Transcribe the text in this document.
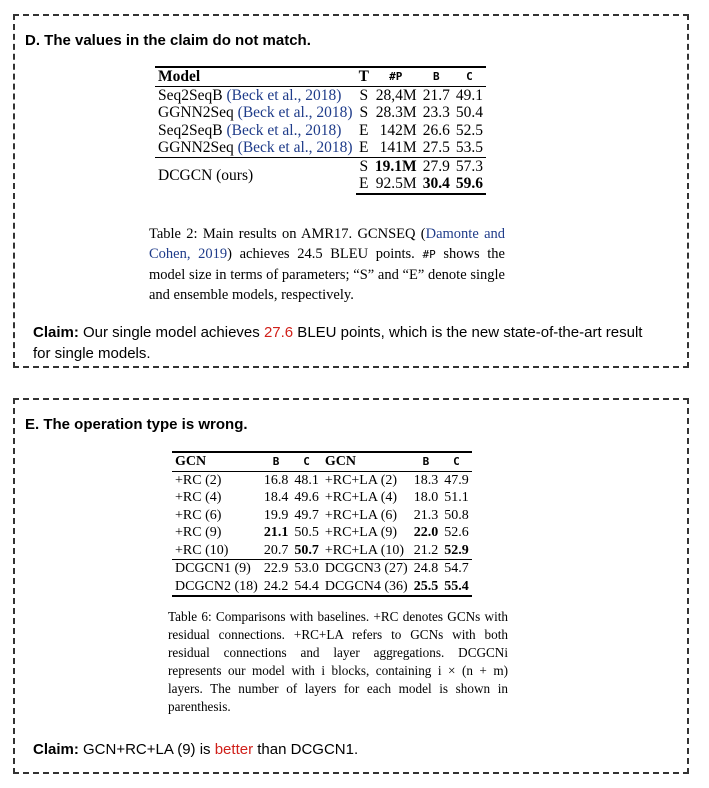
D. The values in the claim do not match.
Model	T	#P	B	C
Seq2SeqB (Beck et al., 2018)	S	28,4M	21.7	49.1
GGNN2Seq (Beck et al., 2018)	S	28.3M	23.3	50.4
Seq2SeqB (Beck et al., 2018)	E	142M	26.6	52.5
GGNN2Seq (Beck et al., 2018)	E	141M	27.5	53.5
DCGCN (ours)	S	19.1M	27.9	57.3
	E	92.5M	30.4	59.6
Table 2: Main results on AMR17. GCNSEQ (Damonte and Cohen, 2019) achieves 24.5 BLEU points. #P shows the model size in terms of parameters; “S” and “E” denote single and ensemble models, respectively.
Claim: Our single model achieves 27.6 BLEU points, which is the new state-of-the-art result for single models.
E. The operation type is wrong.
GCN	B	C	GCN	B	C
+RC (2)	16.8	48.1	+RC+LA (2)	18.3	47.9
+RC (4)	18.4	49.6	+RC+LA (4)	18.0	51.1
+RC (6)	19.9	49.7	+RC+LA (6)	21.3	50.8
+RC (9)	21.1	50.5	+RC+LA (9)	22.0	52.6
+RC (10)	20.7	50.7	+RC+LA (10)	21.2	52.9
DCGCN1 (9)	22.9	53.0	DCGCN3 (27)	24.8	54.7
DCGCN2 (18)	24.2	54.4	DCGCN4 (36)	25.5	55.4
Table 6: Comparisons with baselines. +RC denotes GCNs with residual connections. +RC+LA refers to GCNs with both residual connections and layer aggregations. DCGCNi represents our model with i blocks, containing i × (n + m) layers. The number of layers for each model is shown in parenthesis.
Claim: GCN+RC+LA (9) is better than DCGCN1.
